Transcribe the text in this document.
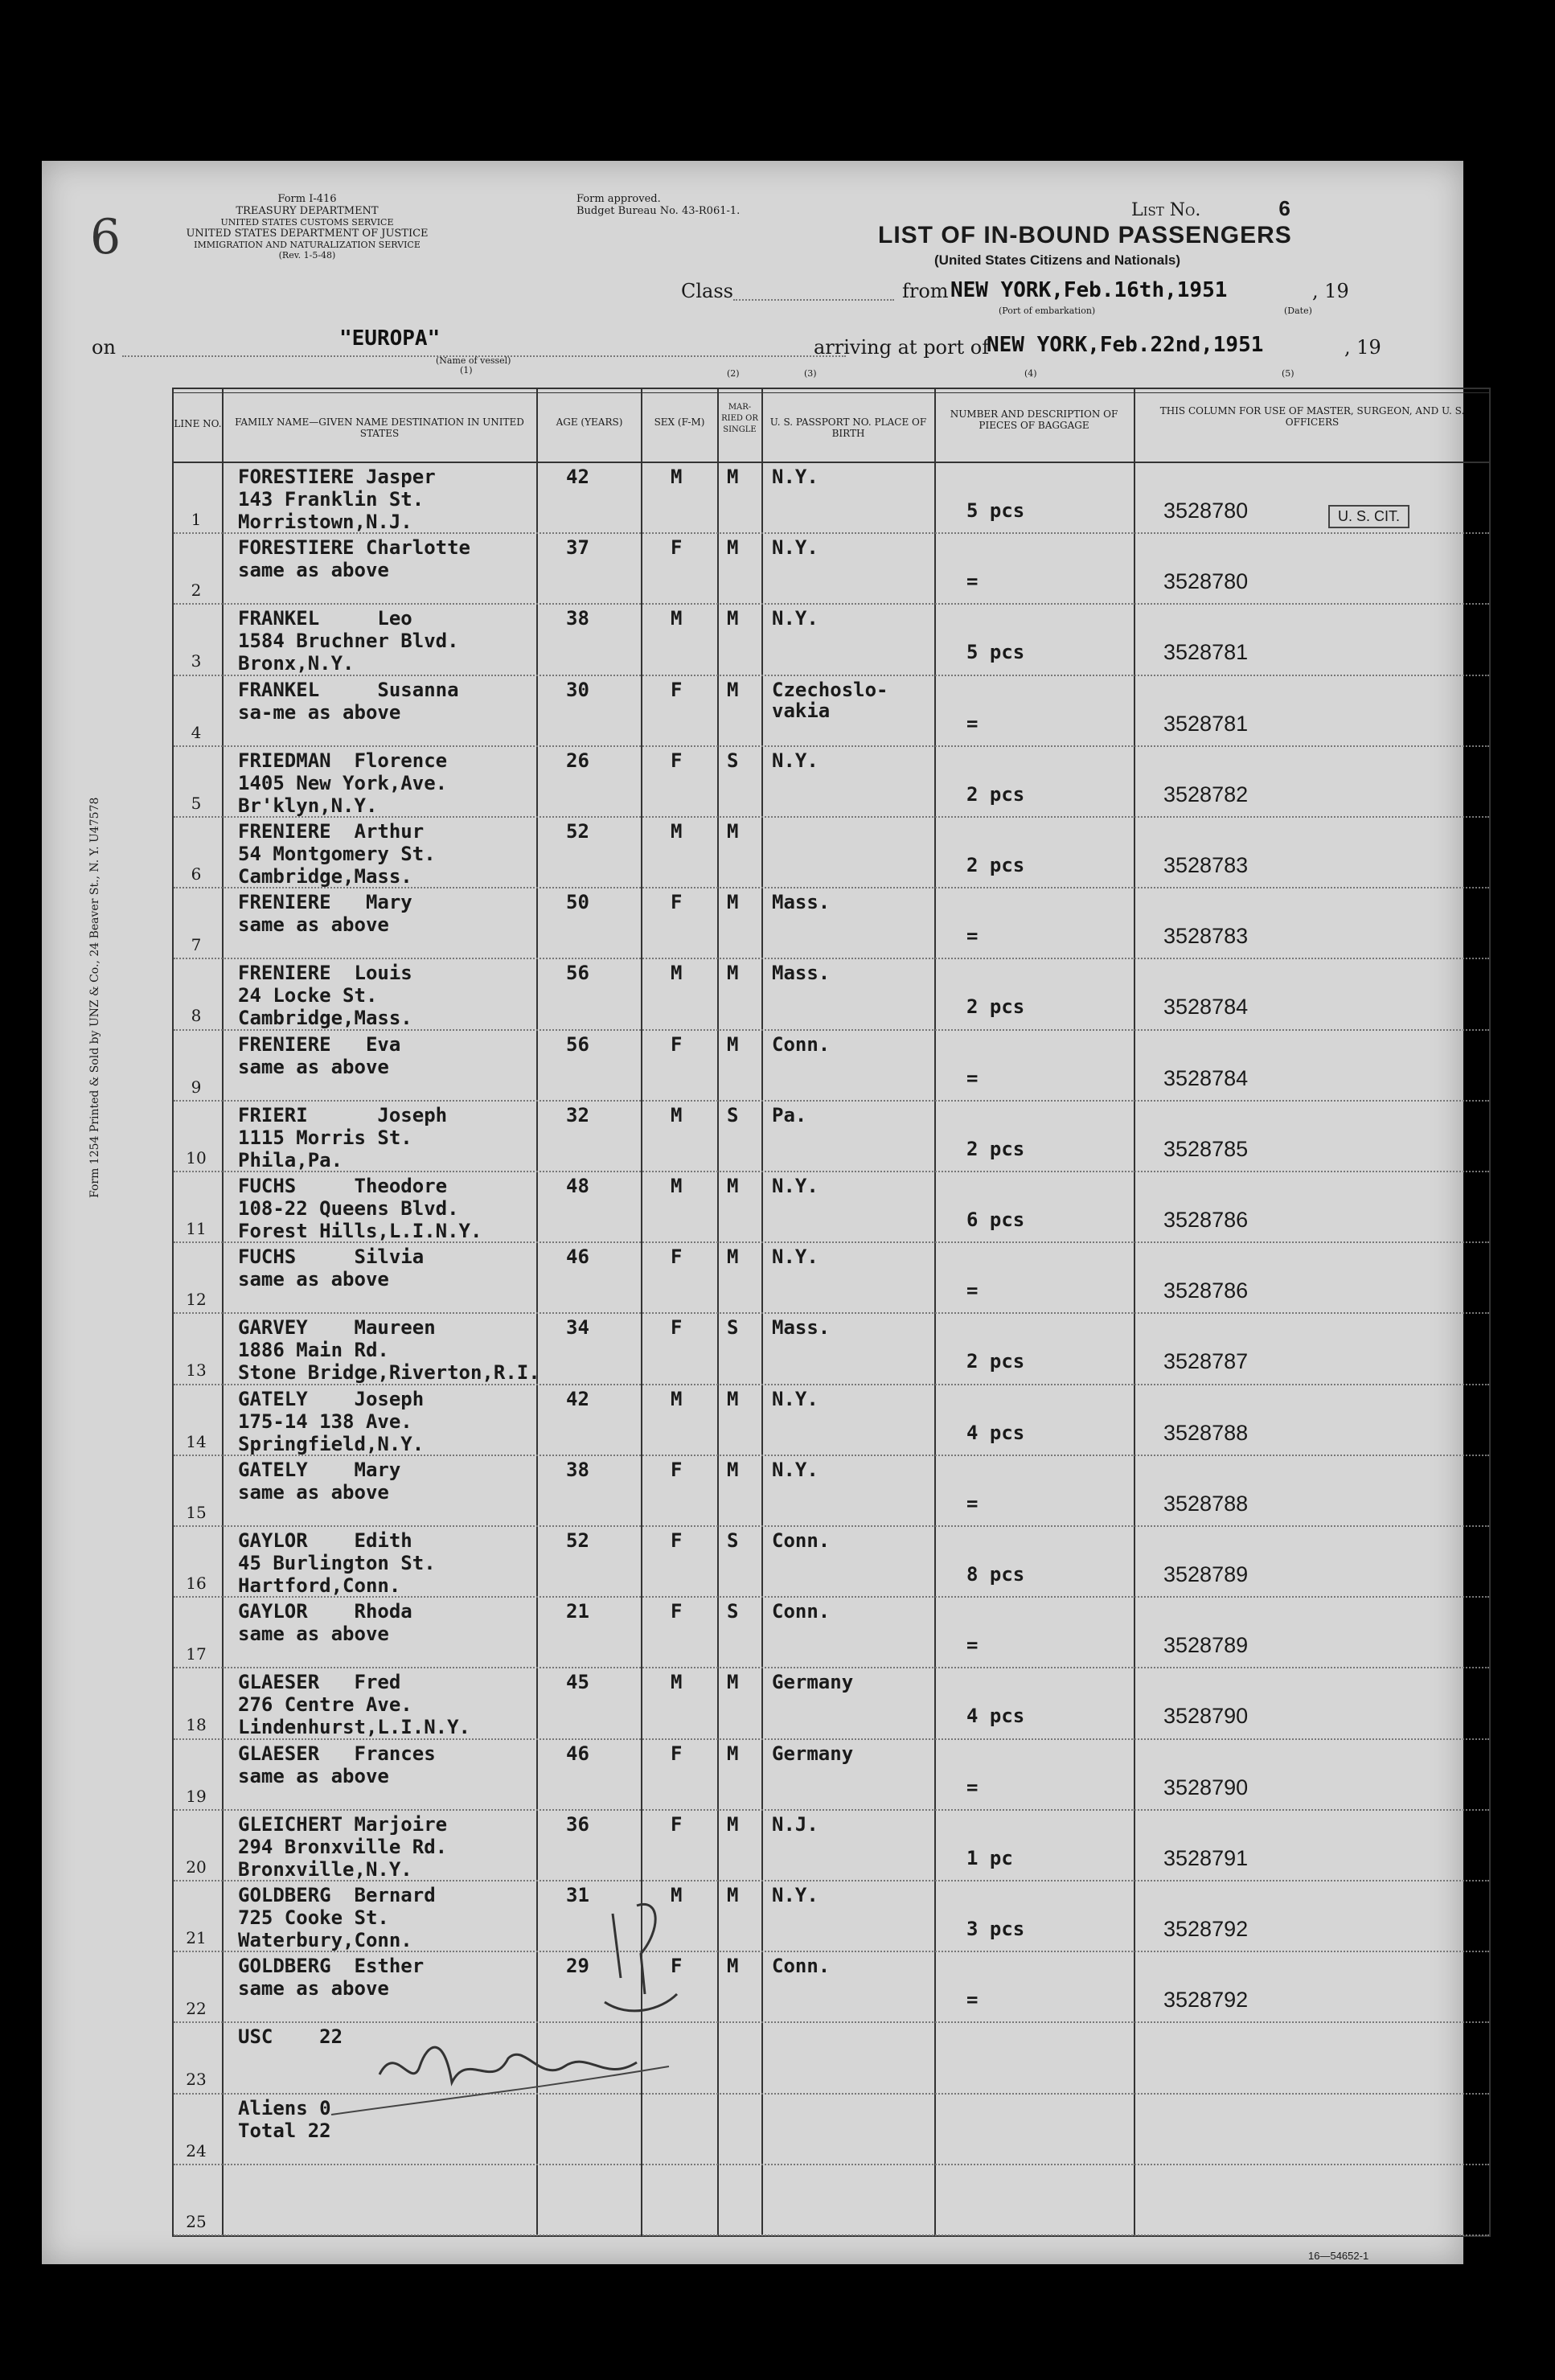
6
Form I-416
TREASURY DEPARTMENT
UNITED STATES CUSTOMS SERVICE
UNITED STATES DEPARTMENT OF JUSTICE
IMMIGRATION AND NATURALIZATION SERVICE
(Rev. 1-5-48)
Form approved.
Budget Bureau No. 43-R061-1.	List No.	6
LIST OF IN-BOUND PASSENGERS
(United States Citizens and Nationals)
Class	from NEW YORK,Feb.16th,1951	, 19
(Port of embarkation)	(Date)
on	"EUROPA"
(Name of vessel)
arriving at port of
NEW YORK,Feb.22nd,1951	, 19
(1)	(2)	(3)	(4)	(5)
LINE NO.	FAMILY NAME—GIVEN NAME DESTINATION IN UNITED STATES
AGE (YEARS)	SEX (F-M)
MAR-RIED OR SINGLE
U. S. PASSPORT NO. PLACE OF BIRTH
NUMBER AND DESCRIPTION OF PIECES OF BAGGAGE
THIS COLUMN FOR USE OF MASTER, SURGEON, AND U. S. OFFICERS
1
FORESTIERE Jasper
143 Franklin St.
Morristown,N.J.
42	M M N.Y.
5 pcs	3528780
2
FORESTIERE Charlotte
same as above
37	F M N.Y.
=	3528780
3
FRANKEL     Leo
1584 Bruchner Blvd.
Bronx,N.Y.
38	M M N.Y.
5 pcs	3528781
4
FRANKEL     Susanna
sa-me as above
30	F M Czechoslo-vakia
=	3528781
5
FRIEDMAN  Florence
1405 New York,Ave.
Br'klyn,N.Y.
26	F S N.Y.
2 pcs	3528782
6
FRENIERE  Arthur
54 Montgomery St.
Cambridge,Mass.
52	M M
2 pcs	3528783
7
FRENIERE   Mary
same as above
50	F M Mass.
=	3528783
8
FRENIERE  Louis
24 Locke St.
Cambridge,Mass.
56	M M Mass.
2 pcs	3528784
9
FRENIERE   Eva
same as above
56	F M Conn.
=	3528784
10
FRIERI      Joseph
1115 Morris St.
Phila,Pa.
32	M S Pa.
2 pcs	3528785
11
FUCHS     Theodore
108-22 Queens Blvd.
Forest Hills,L.I.N.Y.
48	M M N.Y.
6 pcs	3528786
12
FUCHS     Silvia
same as above
46	F M N.Y.
=	3528786
13
GARVEY    Maureen
1886 Main Rd.
Stone Bridge,Riverton,R.I.
34	F S Mass.
2 pcs	3528787
14
GATELY    Joseph
175-14 138 Ave.
Springfield,N.Y.
42	M M N.Y.
4 pcs	3528788
15
GATELY    Mary
same as above
38	F M N.Y.
=	3528788
16
GAYLOR    Edith
45 Burlington St.
Hartford,Conn.
52	F S Conn.
8 pcs	3528789
17
GAYLOR    Rhoda
same as above
21	F S Conn.
=	3528789
18
GLAESER   Fred
276 Centre Ave.
Lindenhurst,L.I.N.Y.
45	M M Germany
4 pcs	3528790
19
GLAESER   Frances
same as above
46	F M Germany
=	3528790
20
GLEICHERT Marjoire
294 Bronxville Rd.
Bronxville,N.Y.
36	F M N.J.
1 pc	3528791
21
GOLDBERG  Bernard
725 Cooke St.
Waterbury,Conn.
31	M M N.Y.
3 pcs	3528792
22
GOLDBERG  Esther
same as above
29	F M Conn.
=	3528792
23
USC    22
24
Aliens 0
Total 22
25
U. S. CIT.
16—54652-1
Form 1254 Printed & Sold by UNZ & Co., 24 Beaver St., N. Y. U47578
